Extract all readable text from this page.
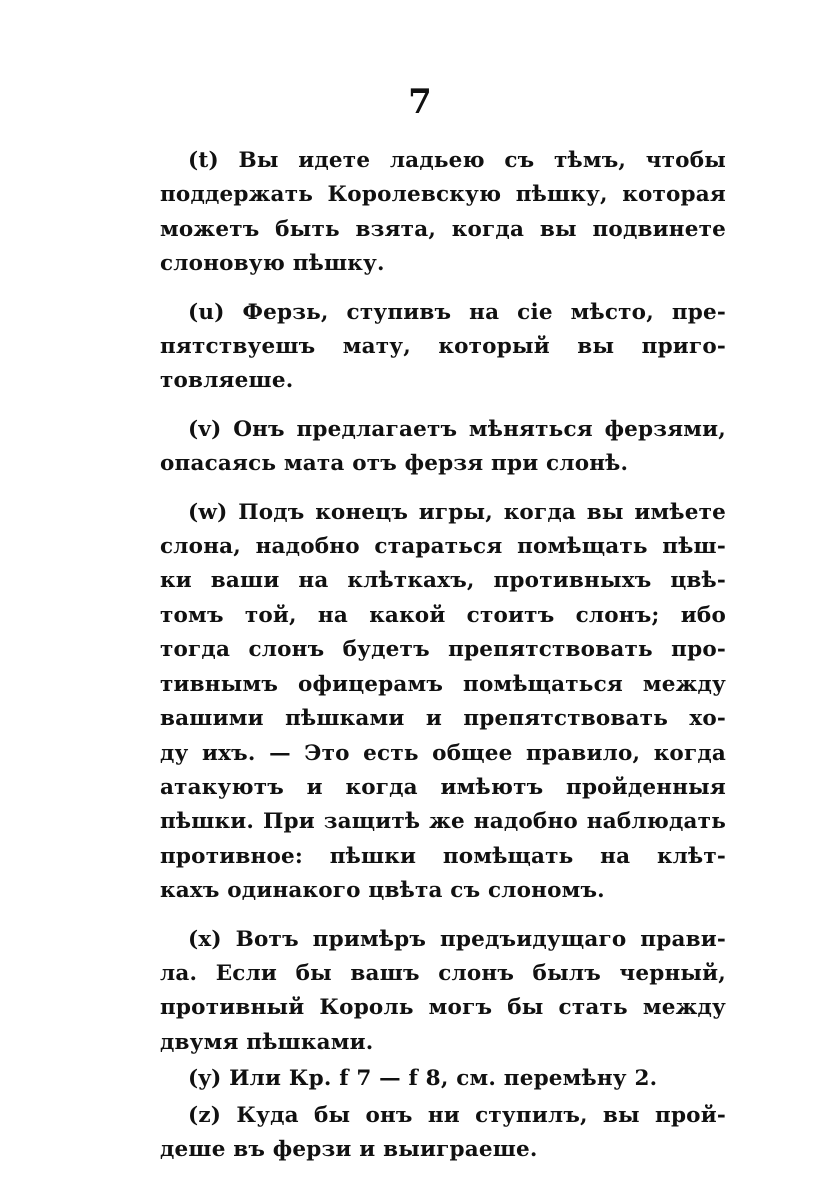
7
(t) Вы идете ладьею съ тѣмъ, чтобы
поддержать Королевскую пѣшку, которая
можетъ быть взята, когда вы подвинете
слоновую пѣшку.
(u) Ферзь, ступивъ на сiе мѣсто, пре-
пятствуешъ мату, который вы приго-
товляеше.
(v) Онъ предлагаетъ мѣняться ферзями,
опасаясь мата отъ ферзя при слонѣ.
(w) Подъ конецъ игры, когда вы имѣете
слона, надобно стараться помѣщать пѣш-
ки ваши на клѣткахъ, противныхъ цвѣ-
томъ той, на какой стоитъ слонъ; ибо
тогда слонъ будетъ препятствовать про-
тивнымъ офицерамъ помѣщаться между
вашими пѣшками и препятствовать хо-
ду ихъ. — Это есть общее правило, когда
атакуютъ и когда имѣютъ пройденныя
пѣшки. При защитѣ же надобно наблюдать
противное: пѣшки помѣщать на клѣт-
кахъ одинакого цвѣта съ слономъ.
(x) Вотъ примѣръ предъидущаго прави-
ла. Если бы вашъ слонъ былъ черный,
противный Король могъ бы стать между
двумя пѣшками.
(y) Или Кр. f 7 — f 8, см. перемѣну 2.
(z) Куда бы онъ ни ступилъ, вы прой-
деше въ ферзи и выиграеше.
